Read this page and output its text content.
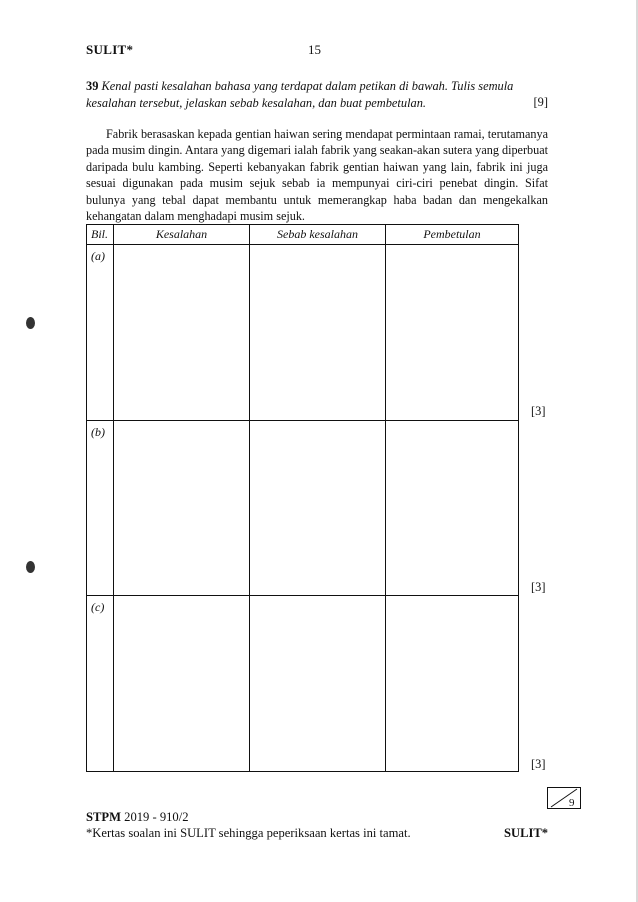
SULIT*	15
39 Kenal pasti kesalahan bahasa yang terdapat dalam petikan di bawah. Tulis semula kesalahan tersebut, jelaskan sebab kesalahan, dan buat pembetulan.	[9]
Fabrik berasaskan kepada gentian haiwan sering mendapat permintaan ramai, terutamanya pada musim dingin. Antara yang digemari ialah fabrik yang seakan-akan sutera yang diperbuat daripada bulu kambing. Seperti kebanyakan fabrik gentian haiwan yang lain, fabrik ini juga sesuai digunakan pada musim sejuk sebab ia mempunyai ciri-ciri penebat dingin. Sifat bulunya yang tebal dapat membantu untuk memerangkap haba badan dan mengekalkan kehangatan dalam menghadapi musim sejuk.
Bil.	Kesalahan	Sebab kesalahan	Pembetulan

(a)			

(b)			

(c)			

[3]
[3]
[3]
9
STPM 2019 - 910/2
*Kertas soalan ini SULIT sehingga peperiksaan kertas ini tamat.	SULIT*
